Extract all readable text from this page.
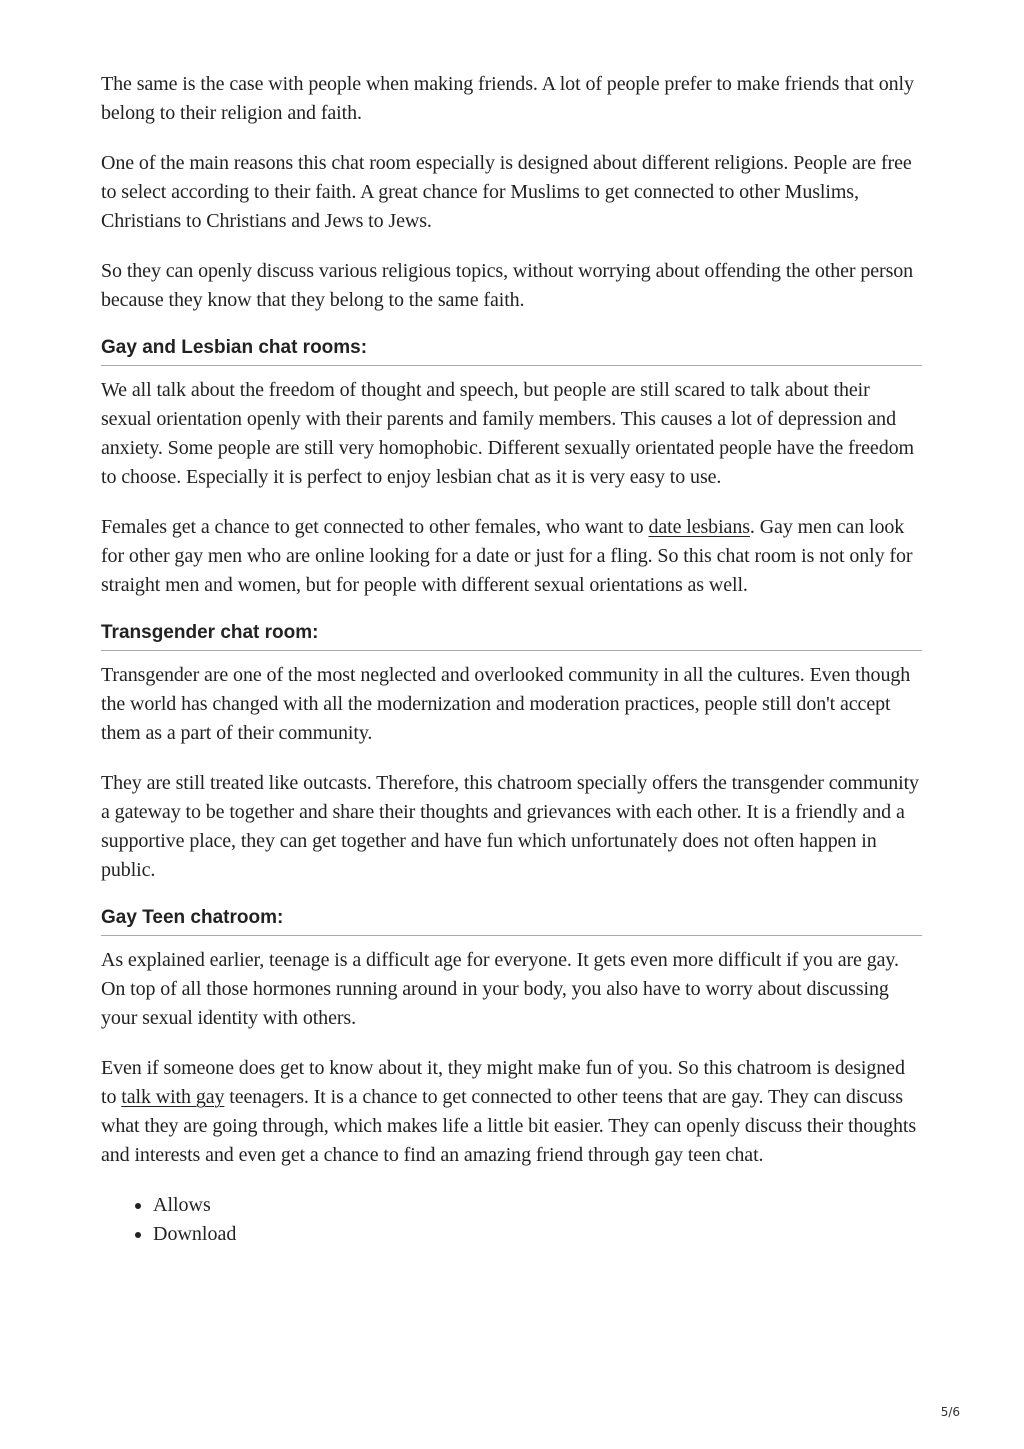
The same is the case with people when making friends. A lot of people prefer to make friends that only belong to their religion and faith.

One of the main reasons this chat room especially is designed about different religions. People are free to select according to their faith. A great chance for Muslims to get connected to other Muslims, Christians to Christians and Jews to Jews.

So they can openly discuss various religious topics, without worrying about offending the other person because they know that they belong to the same faith.

Gay and Lesbian chat rooms:

We all talk about the freedom of thought and speech, but people are still scared to talk about their sexual orientation openly with their parents and family members. This causes a lot of depression and anxiety. Some people are still very homophobic. Different sexually orientated people have the freedom to choose. Especially it is perfect to enjoy lesbian chat as it is very easy to use.

Females get a chance to get connected to other females, who want to date lesbians. Gay men can look for other gay men who are online looking for a date or just for a fling. So this chat room is not only for straight men and women, but for people with different sexual orientations as well.

Transgender chat room:

Transgender are one of the most neglected and overlooked community in all the cultures. Even though the world has changed with all the modernization and moderation practices, people still don't accept them as a part of their community.

They are still treated like outcasts. Therefore, this chatroom specially offers the transgender community a gateway to be together and share their thoughts and grievances with each other. It is a friendly and a supportive place, they can get together and have fun which unfortunately does not often happen in public.

Gay Teen chatroom:

As explained earlier, teenage is a difficult age for everyone. It gets even more difficult if you are gay. On top of all those hormones running around in your body, you also have to worry about discussing your sexual identity with others.

Even if someone does get to know about it, they might make fun of you. So this chatroom is designed to talk with gay teenagers. It is a chance to get connected to other teens that are gay. They can discuss what they are going through, which makes life a little bit easier. They can openly discuss their thoughts and interests and even get a chance to find an amazing friend through gay teen chat.

• Allows
• Download
5/6
